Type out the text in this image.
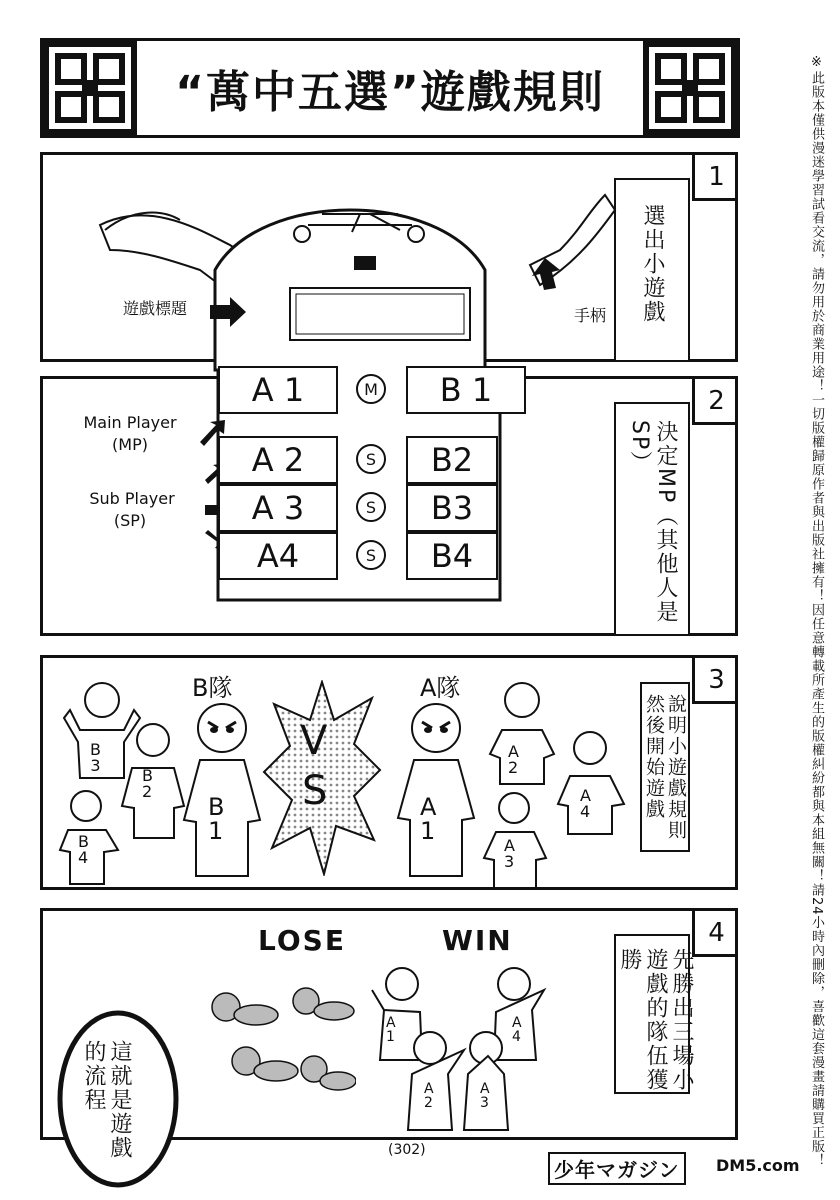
“萬中五選”遊戲規則	※此版本僅供漫迷學習試看交流，請勿用於商業用途！一切版權歸原作者與出版社擁有！因任意轉載所產生的版權糾紛都與本組無關！請24小時內刪除，喜歡這套漫畫請購買正版！
1
選出小遊戲
2
決定MP（其他人是SP）
遊戲標題	手柄
Main Player
(MP)
Sub Player
(SP)
A 1	M	B 1
A 2	S	B2
A 3	S	B3
A4	S	B4
3
說明小遊戲規則然後開始遊戲
B隊	A隊
V
S
B
3
B
2
B
1
B
4
A
1
A
2
A
4
A
3
4
先勝出三場小遊戲的隊伍獲勝
LOSE	WIN
A
1
A
2
A
3
A
4
這就是遊戲的流程
(302)
少年マガジン	DM5.com
